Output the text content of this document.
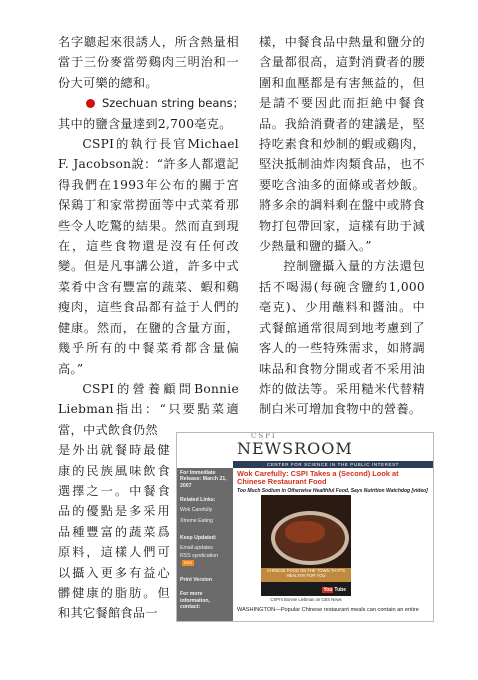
名字聽起來很誘人，所含熱量相當于三份麥當勞鷄肉三明治和一份大可樂的總和。

Szechuan string beans；

其中的鹽含量達到2,700亳克。

CSPI的執行長官Michael F. Jacobson說：“許多人都還記得我們在1993年公布的關于宮保鶏丁和家常撈面等中式菜肴那些令人吃驚的結果。然而直到現在，這些食物還是沒有任何改變。但是凡事講公道，許多中式菜肴中含有豐富的蔬菜、蝦和鷄瘦肉，這些食品都有益于人們的健康。然而，在鹽的含量方面，幾乎所有的中餐菜肴都含量偏高。”

CSPI的營養顧問Bonnie Liebman指出：“只要點菜適當，中式飲食仍然

是外出就餐時最健康的民族風味飲食選擇之一。中餐食品的優點是多采用品種豐富的蔬菜爲原料，這樣人們可以攝入更多有益心髒健康的脂肪。但和其它餐館食品一

樣，中餐食品中熱量和鹽分的含量都很高，這對消費者的腰圍和血壓都是有害無益的，但是請不要因此而拒絶中餐食品。我給消費者的建議是，堅持吃素食和炒制的蝦或鷄肉，堅決抵制油炸肉類食品，也不要吃含油多的面條或者炒飯。將多余的調料剩在盤中或將食物打包帶回家，這樣有助于減少熱量和鹽的攝入。”

控制鹽攝入量的方法還包括不喝湯(每碗含鹽約1,000亳克)、少用蘸料和醬油。中式餐館通常很周到地考慮到了客人的一些特殊需求，如將調味品和食物分開或者不采用油炸的做法等。采用糙米代替精制白米可增加食物中的營養。

CSPI
NEWSROOM
CENTER FOR SCIENCE IN THE PUBLIC INTEREST
For Immediate Release: March 21, 2007
Related Links:
Wok Carefully
Xtreme Eating
Keep Updated:
Email updates
RSS syndicationRSS
Print Version
For more information, contact:

Wok Carefully: CSPI Takes a (Second) Look at Chinese Restaurant Food

Too Much Sodium in Otherwise Healthful Food, Says Nutrition Watchdog [video]

CHINESE FOOD ON THE TOWN THAT'S HEALTHY FOR YOU
You Tube
CSPI's Bonnie Liebman on CBS News
WASHINGTON—Popular Chinese restaurant meals can contain an entire
